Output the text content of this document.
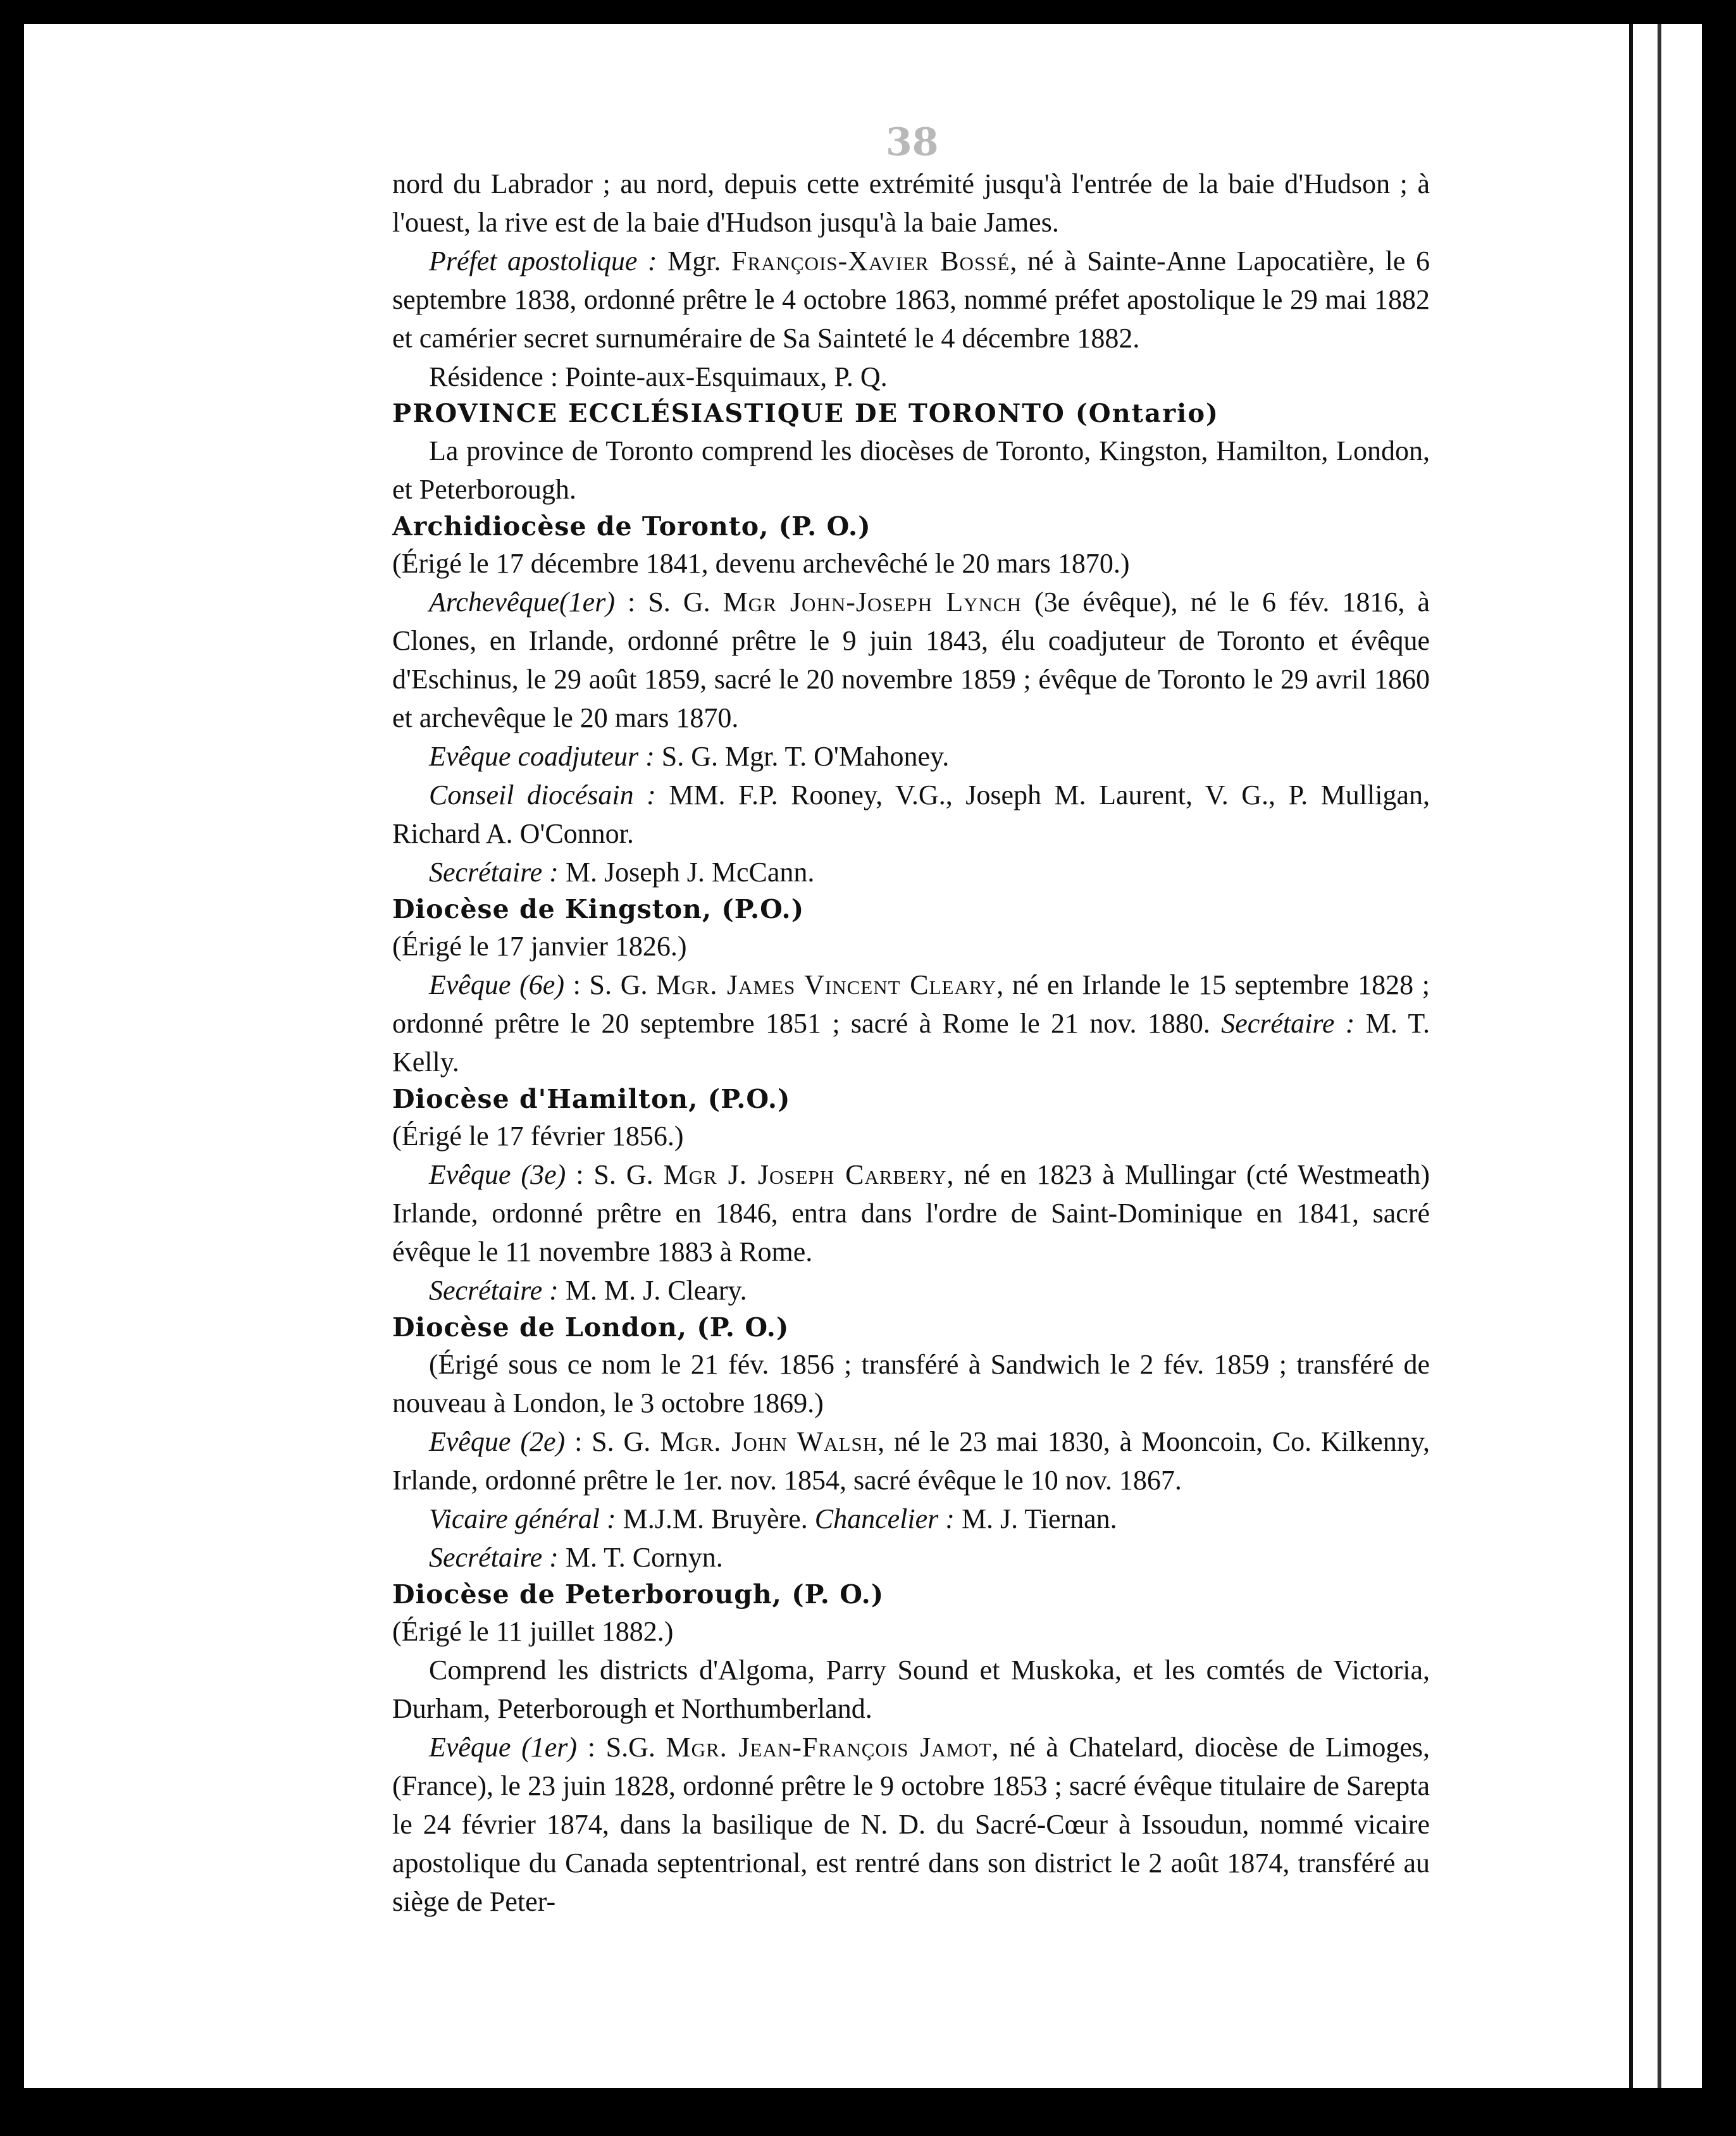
38

nord du Labrador ; au nord, depuis cette extrémité jusqu'à l'entrée de la baie d'Hudson ; à l'ouest, la rive est de la baie d'Hudson jusqu'à la baie James.

Préfet apostolique : Mgr. François-Xavier Bossé, né à Sainte-Anne Lapocatière, le 6 septembre 1838, ordonné prêtre le 4 octobre 1863, nommé préfet apostolique le 29 mai 1882 et camérier secret surnuméraire de Sa Sainteté le 4 décembre 1882.

Résidence : Pointe-aux-Esquimaux, P. Q.

PROVINCE ECCLÉSIASTIQUE DE TORONTO (Ontario)

La province de Toronto comprend les diocèses de Toronto, Kingston, Hamilton, London, et Peterborough.

Archidiocèse de Toronto, (P. O.)

(Érigé le 17 décembre 1841, devenu archevêché le 20 mars 1870.)

Archevêque(1er) : S. G. Mgr John-Joseph Lynch (3e évêque), né le 6 fév. 1816, à Clones, en Irlande, ordonné prêtre le 9 juin 1843, élu coadjuteur de Toronto et évêque d'Eschinus, le 29 août 1859, sacré le 20 novembre 1859 ; évêque de Toronto le 29 avril 1860 et archevêque le 20 mars 1870.

Evêque coadjuteur : S. G. Mgr. T. O'Mahoney.

Conseil diocésain : MM. F.P. Rooney, V.G., Joseph M. Laurent, V. G., P. Mulligan, Richard A. O'Connor.

Secrétaire : M. Joseph J. McCann.

Diocèse de Kingston, (P.O.)

(Érigé le 17 janvier 1826.)

Evêque (6e) : S. G. Mgr. James Vincent Cleary, né en Irlande le 15 septembre 1828 ; ordonné prêtre le 20 septembre 1851 ; sacré à Rome le 21 nov. 1880. Secrétaire : M. T. Kelly.

Diocèse d'Hamilton, (P.O.)

(Érigé le 17 février 1856.)

Evêque (3e) : S. G. Mgr J. Joseph Carbery, né en 1823 à Mullingar (cté Westmeath) Irlande, ordonné prêtre en 1846, entra dans l'ordre de Saint-Dominique en 1841, sacré évêque le 11 novembre 1883 à Rome.

Secrétaire : M. M. J. Cleary.

Diocèse de London, (P. O.)

(Érigé sous ce nom le 21 fév. 1856 ; transféré à Sandwich le 2 fév. 1859 ; transféré de nouveau à London, le 3 octobre 1869.)

Evêque (2e) : S. G. Mgr. John Walsh, né le 23 mai 1830, à Mooncoin, Co. Kilkenny, Irlande, ordonné prêtre le 1er. nov. 1854, sacré évêque le 10 nov. 1867.

Vicaire général : M.J.M. Bruyère. Chancelier : M. J. Tiernan.

Secrétaire : M. T. Cornyn.

Diocèse de Peterborough, (P. O.)

(Érigé le 11 juillet 1882.)

Comprend les districts d'Algoma, Parry Sound et Muskoka, et les comtés de Victoria, Durham, Peterborough et Northumberland.

Evêque (1er) : S.G. Mgr. Jean-François Jamot, né à Chatelard, diocèse de Limoges, (France), le 23 juin 1828, ordonné prêtre le 9 octobre 1853 ; sacré évêque titulaire de Sarepta le 24 février 1874, dans la basilique de N. D. du Sacré-Cœur à Issoudun, nommé vicaire apostolique du Canada septentrional, est rentré dans son district le 2 août 1874, transféré au siège de Peter-
